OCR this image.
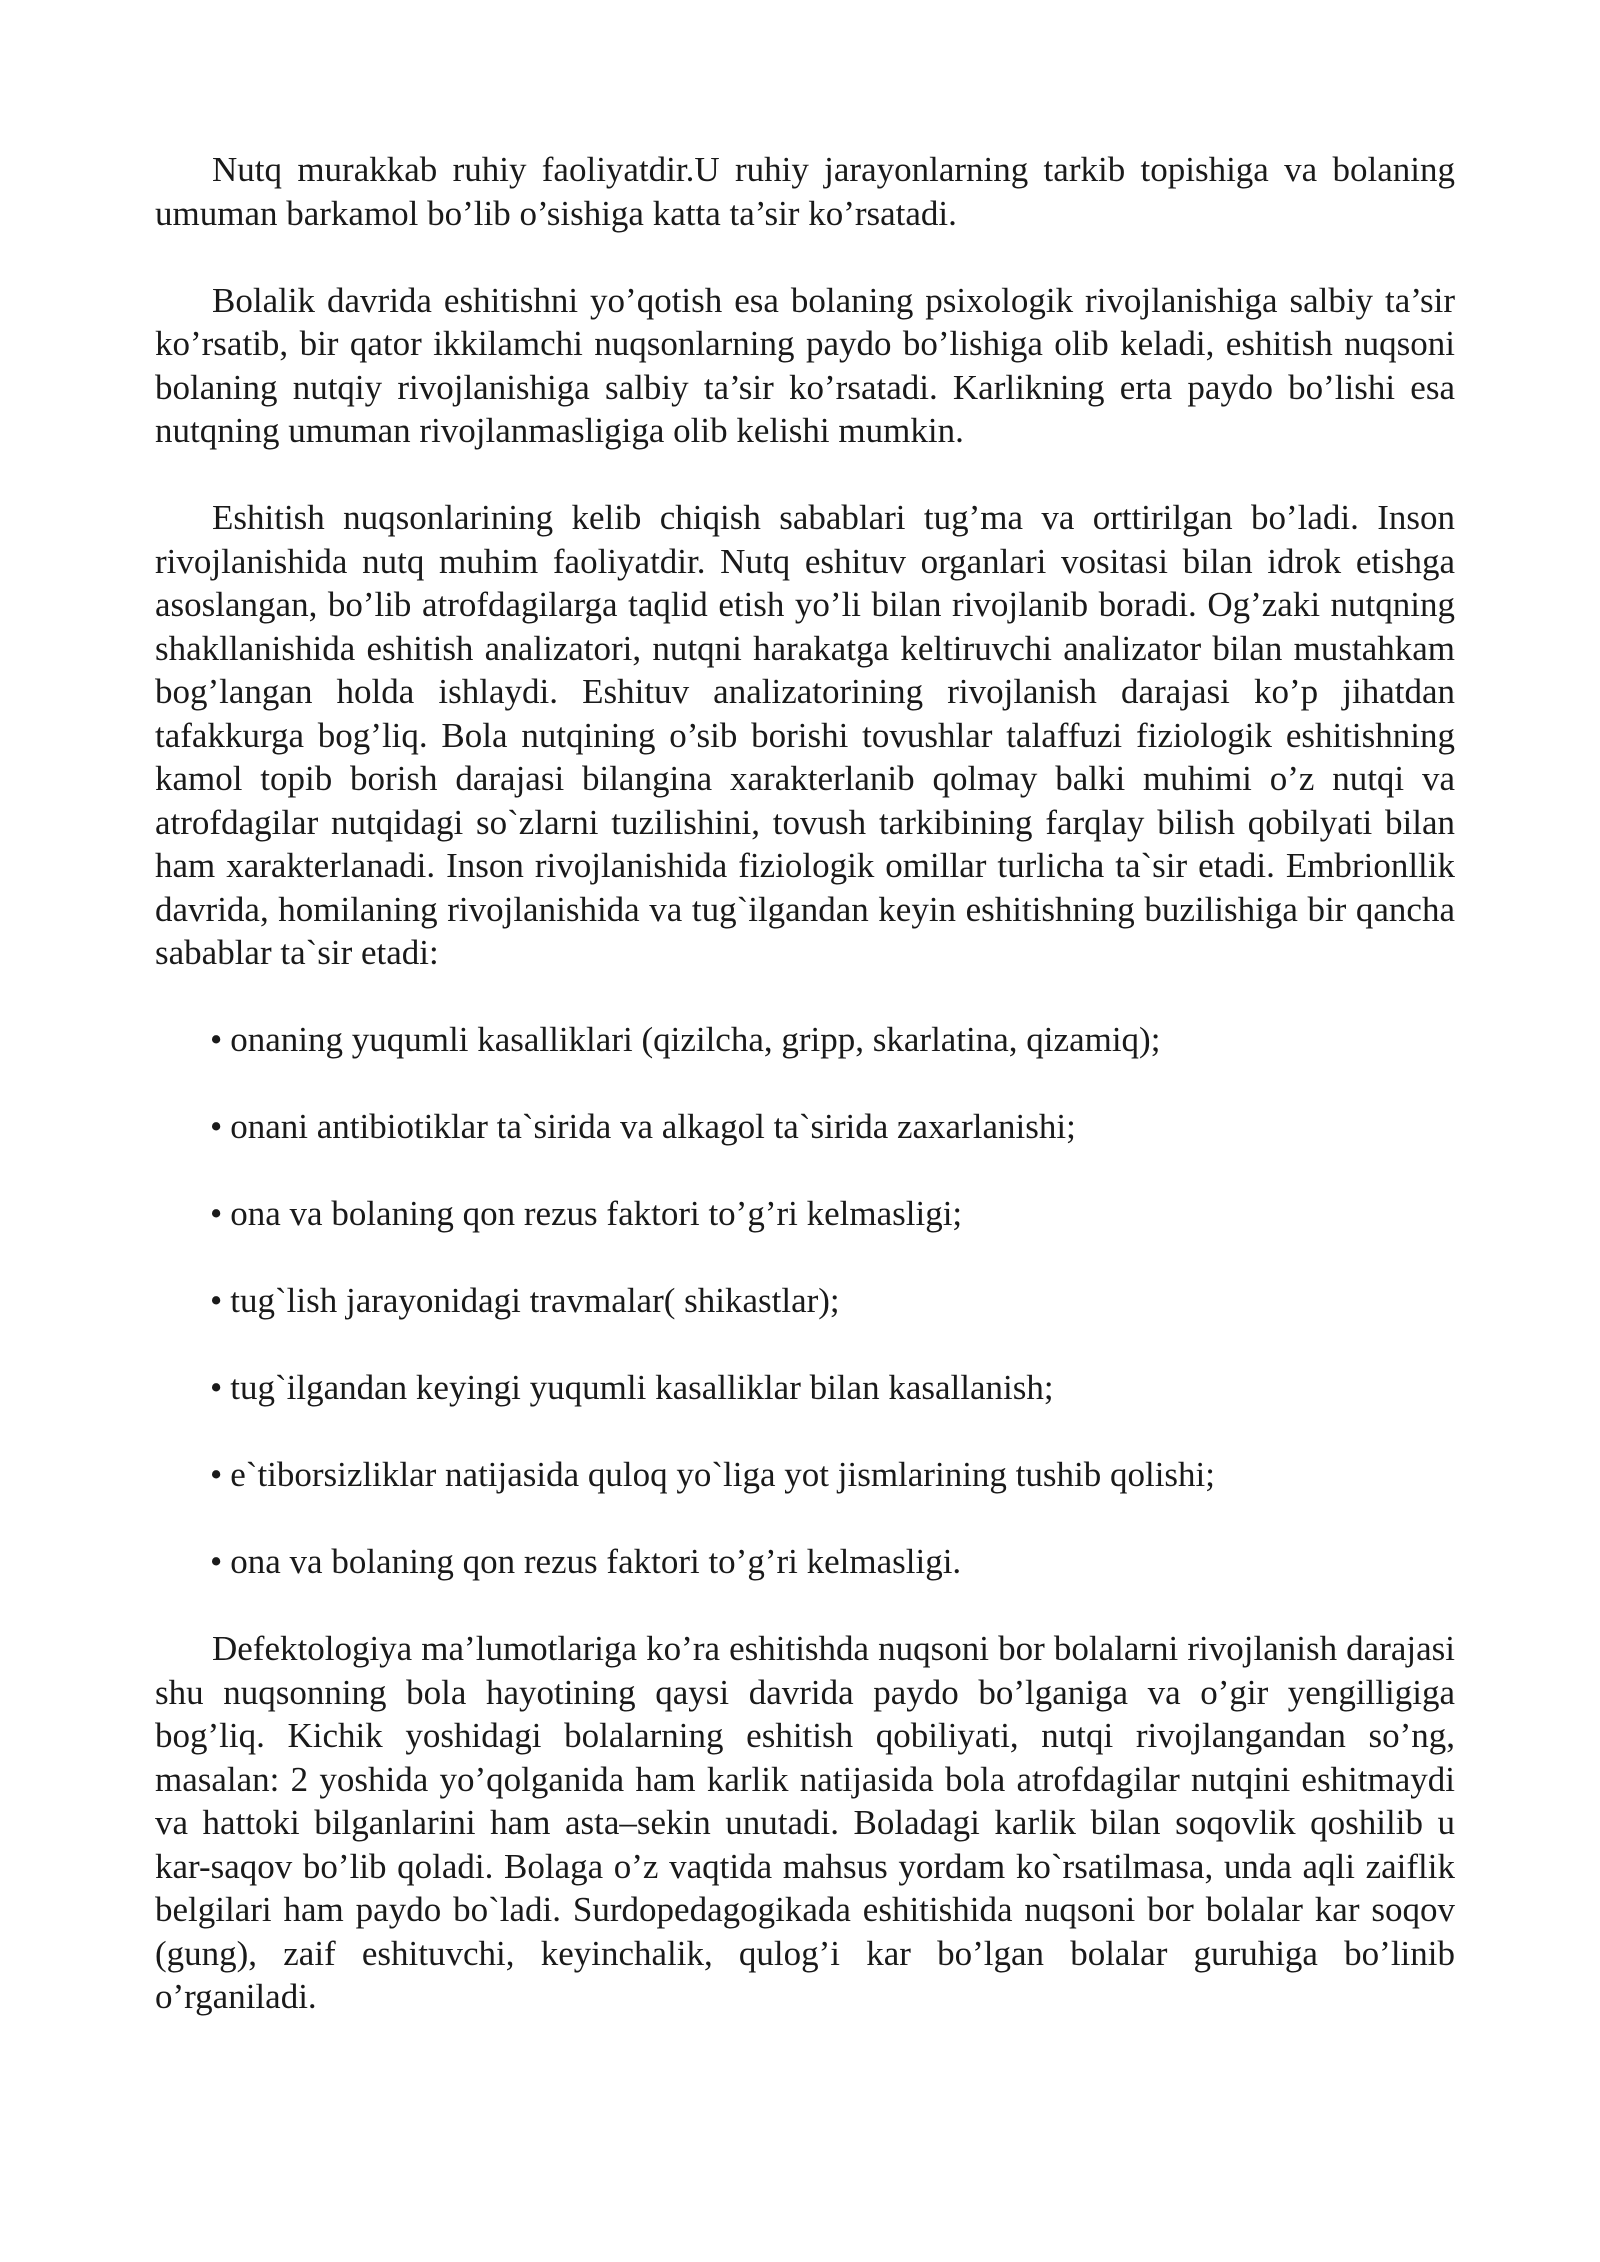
Nutq murakkab ruhiy faoliyatdir.U ruhiy jarayonlarning tarkib topishiga va bolaning umuman barkamol bo’lib o’sishiga katta ta’sir ko’rsatadi.

Bolalik davrida eshitishni yo’qotish esa bolaning psixologik rivojlanishiga salbiy ta’sir ko’rsatib, bir qator ikkilamchi nuqsonlarning paydo bo’lishiga olib keladi, eshitish nuqsoni bolaning nutqiy rivojlanishiga salbiy ta’sir ko’rsatadi. Karlikning erta paydo bo’lishi esa nutqning umuman rivojlanmasligiga olib kelishi mumkin.

Eshitish nuqsonlarining kelib chiqish sabablari tug’ma va orttirilgan bo’ladi. Inson rivojlanishida nutq muhim faoliyatdir. Nutq eshituv organlari vositasi bilan idrok etishga asoslangan, bo’lib atrofdagilarga taqlid etish yo’li bilan rivojlanib boradi. Og’zaki nutqning shakllanishida eshitish analizatori, nutqni harakatga keltiruvchi analizator bilan mustahkam bog’langan holda ishlaydi. Eshituv analizatorining rivojlanish darajasi ko’p jihatdan tafakkurga bog’liq. Bola nutqining o’sib borishi tovushlar talaffuzi fiziologik eshitishning kamol topib borish darajasi bilangina xarakterlanib qolmay balki muhimi o’z nutqi va atrofdagilar nutqidagi so`zlarni tuzilishini, tovush tarkibining farqlay bilish qobilyati bilan ham xarakterlanadi. Inson rivojlanishida fiziologik omillar turlicha ta`sir etadi. Embrionllik davrida, homilaning rivojlanishida va tug`ilgandan keyin eshitishning buzilishiga bir qancha sabablar ta`sir etadi:

• onaning yuqumli kasalliklari (qizilcha, gripp, skarlatina, qizamiq);
• onani antibiotiklar ta`sirida va alkagol ta`sirida zaxarlanishi;
• ona va bolaning qon rezus faktori to’g’ri kelmasligi;
• tug`lish jarayonidagi travmalar( shikastlar);
• tug`ilgandan keyingi yuqumli kasalliklar bilan kasallanish;
• e`tiborsizliklar natijasida quloq yo`liga yot jismlarining tushib qolishi;
• ona va bolaning qon rezus faktori to’g’ri kelmasligi.

Defektologiya ma’lumotlariga ko’ra eshitishda nuqsoni bor bolalarni rivojlanish darajasi shu nuqsonning bola hayotining qaysi davrida paydo bo’lganiga va o’gir yengilligiga bog’liq. Kichik yoshidagi bolalarning eshitish qobiliyati, nutqi rivojlangandan so’ng, masalan: 2 yoshida yo’qolganida ham karlik natijasida bola atrofdagilar nutqini eshitmaydi va hattoki bilganlarini ham asta–sekin unutadi. Boladagi karlik bilan soqovlik qoshilib u kar-saqov bo’lib qoladi. Bolaga o’z vaqtida mahsus yordam ko`rsatilmasa, unda aqli zaiflik belgilari ham paydo bo`ladi. Surdopedagogikada eshitishida nuqsoni bor bolalar kar soqov (gung), zaif eshituvchi, keyinchalik, qulog’i kar bo’lgan bolalar guruhiga bo’linib o’rganiladi.
